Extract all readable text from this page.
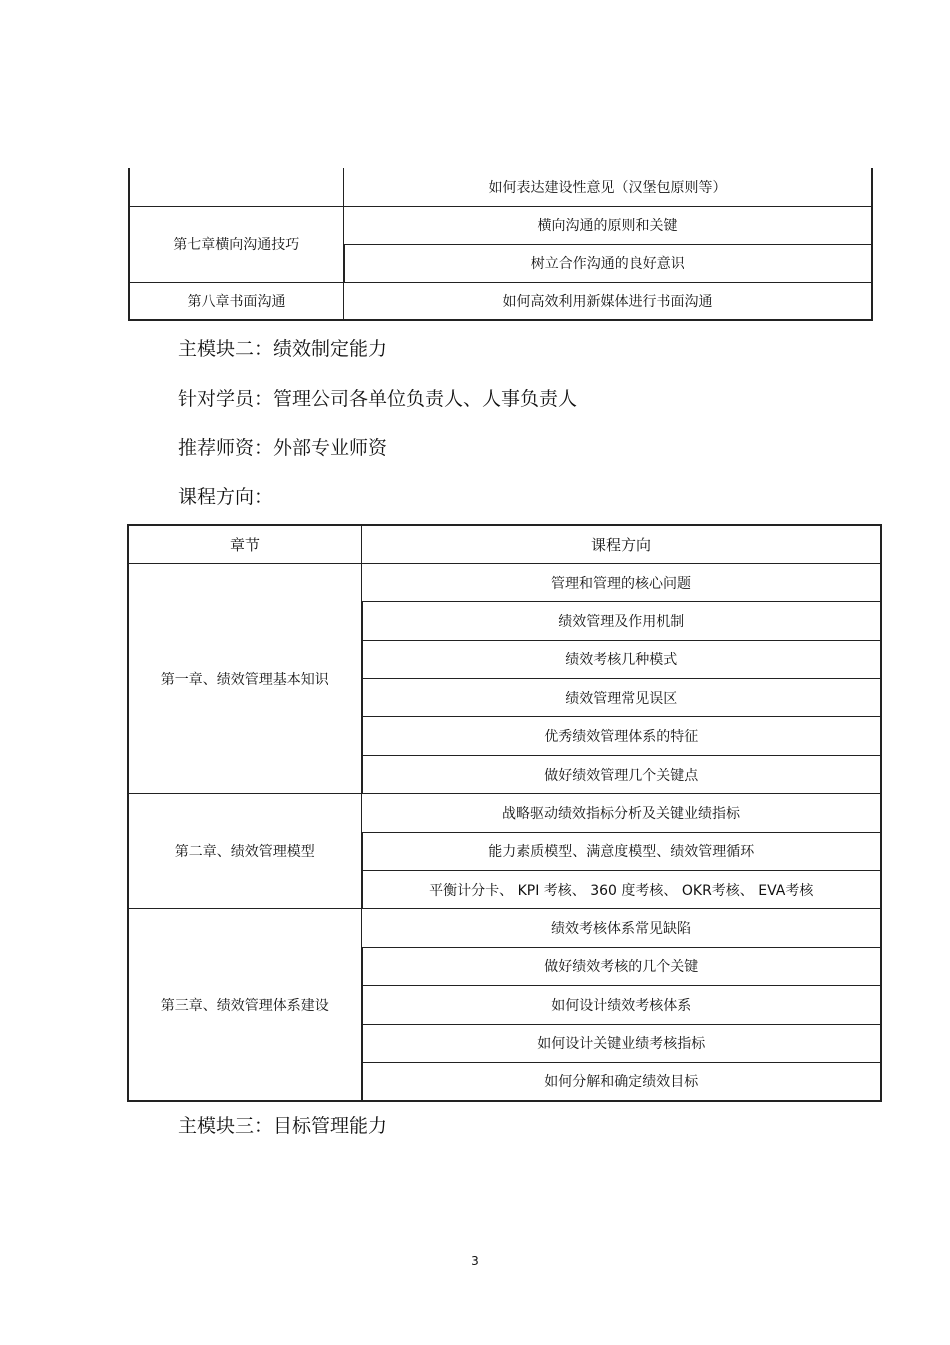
	如何表达建设性意见（汉堡包原则等）
第七章横向沟通技巧	横向沟通的原则和关键
	树立合作沟通的良好意识
第八章书面沟通	如何高效利用新媒体进行书面沟通

主模块二：绩效制定能力

针对学员：管理公司各单位负责人、人事负责人

推荐师资：外部专业师资

课程方向：

章节	课程方向
第一章、绩效管理基本知识	管理和管理的核心问题
	绩效管理及作用机制
	绩效考核几种模式
	绩效管理常见误区
	优秀绩效管理体系的特征
	做好绩效管理几个关键点
第二章、绩效管理模型	战略驱动绩效指标分析及关键业绩指标
	能力素质模型、满意度模型、绩效管理循环
	平衡计分卡、 KPI 考核、 360 度考核、 OKR考核、 EVA考核
第三章、绩效管理体系建设	绩效考核体系常见缺陷
	做好绩效考核的几个关键
	如何设计绩效考核体系
	如何设计关键业绩考核指标
	如何分解和确定绩效目标

主模块三：目标管理能力

3
